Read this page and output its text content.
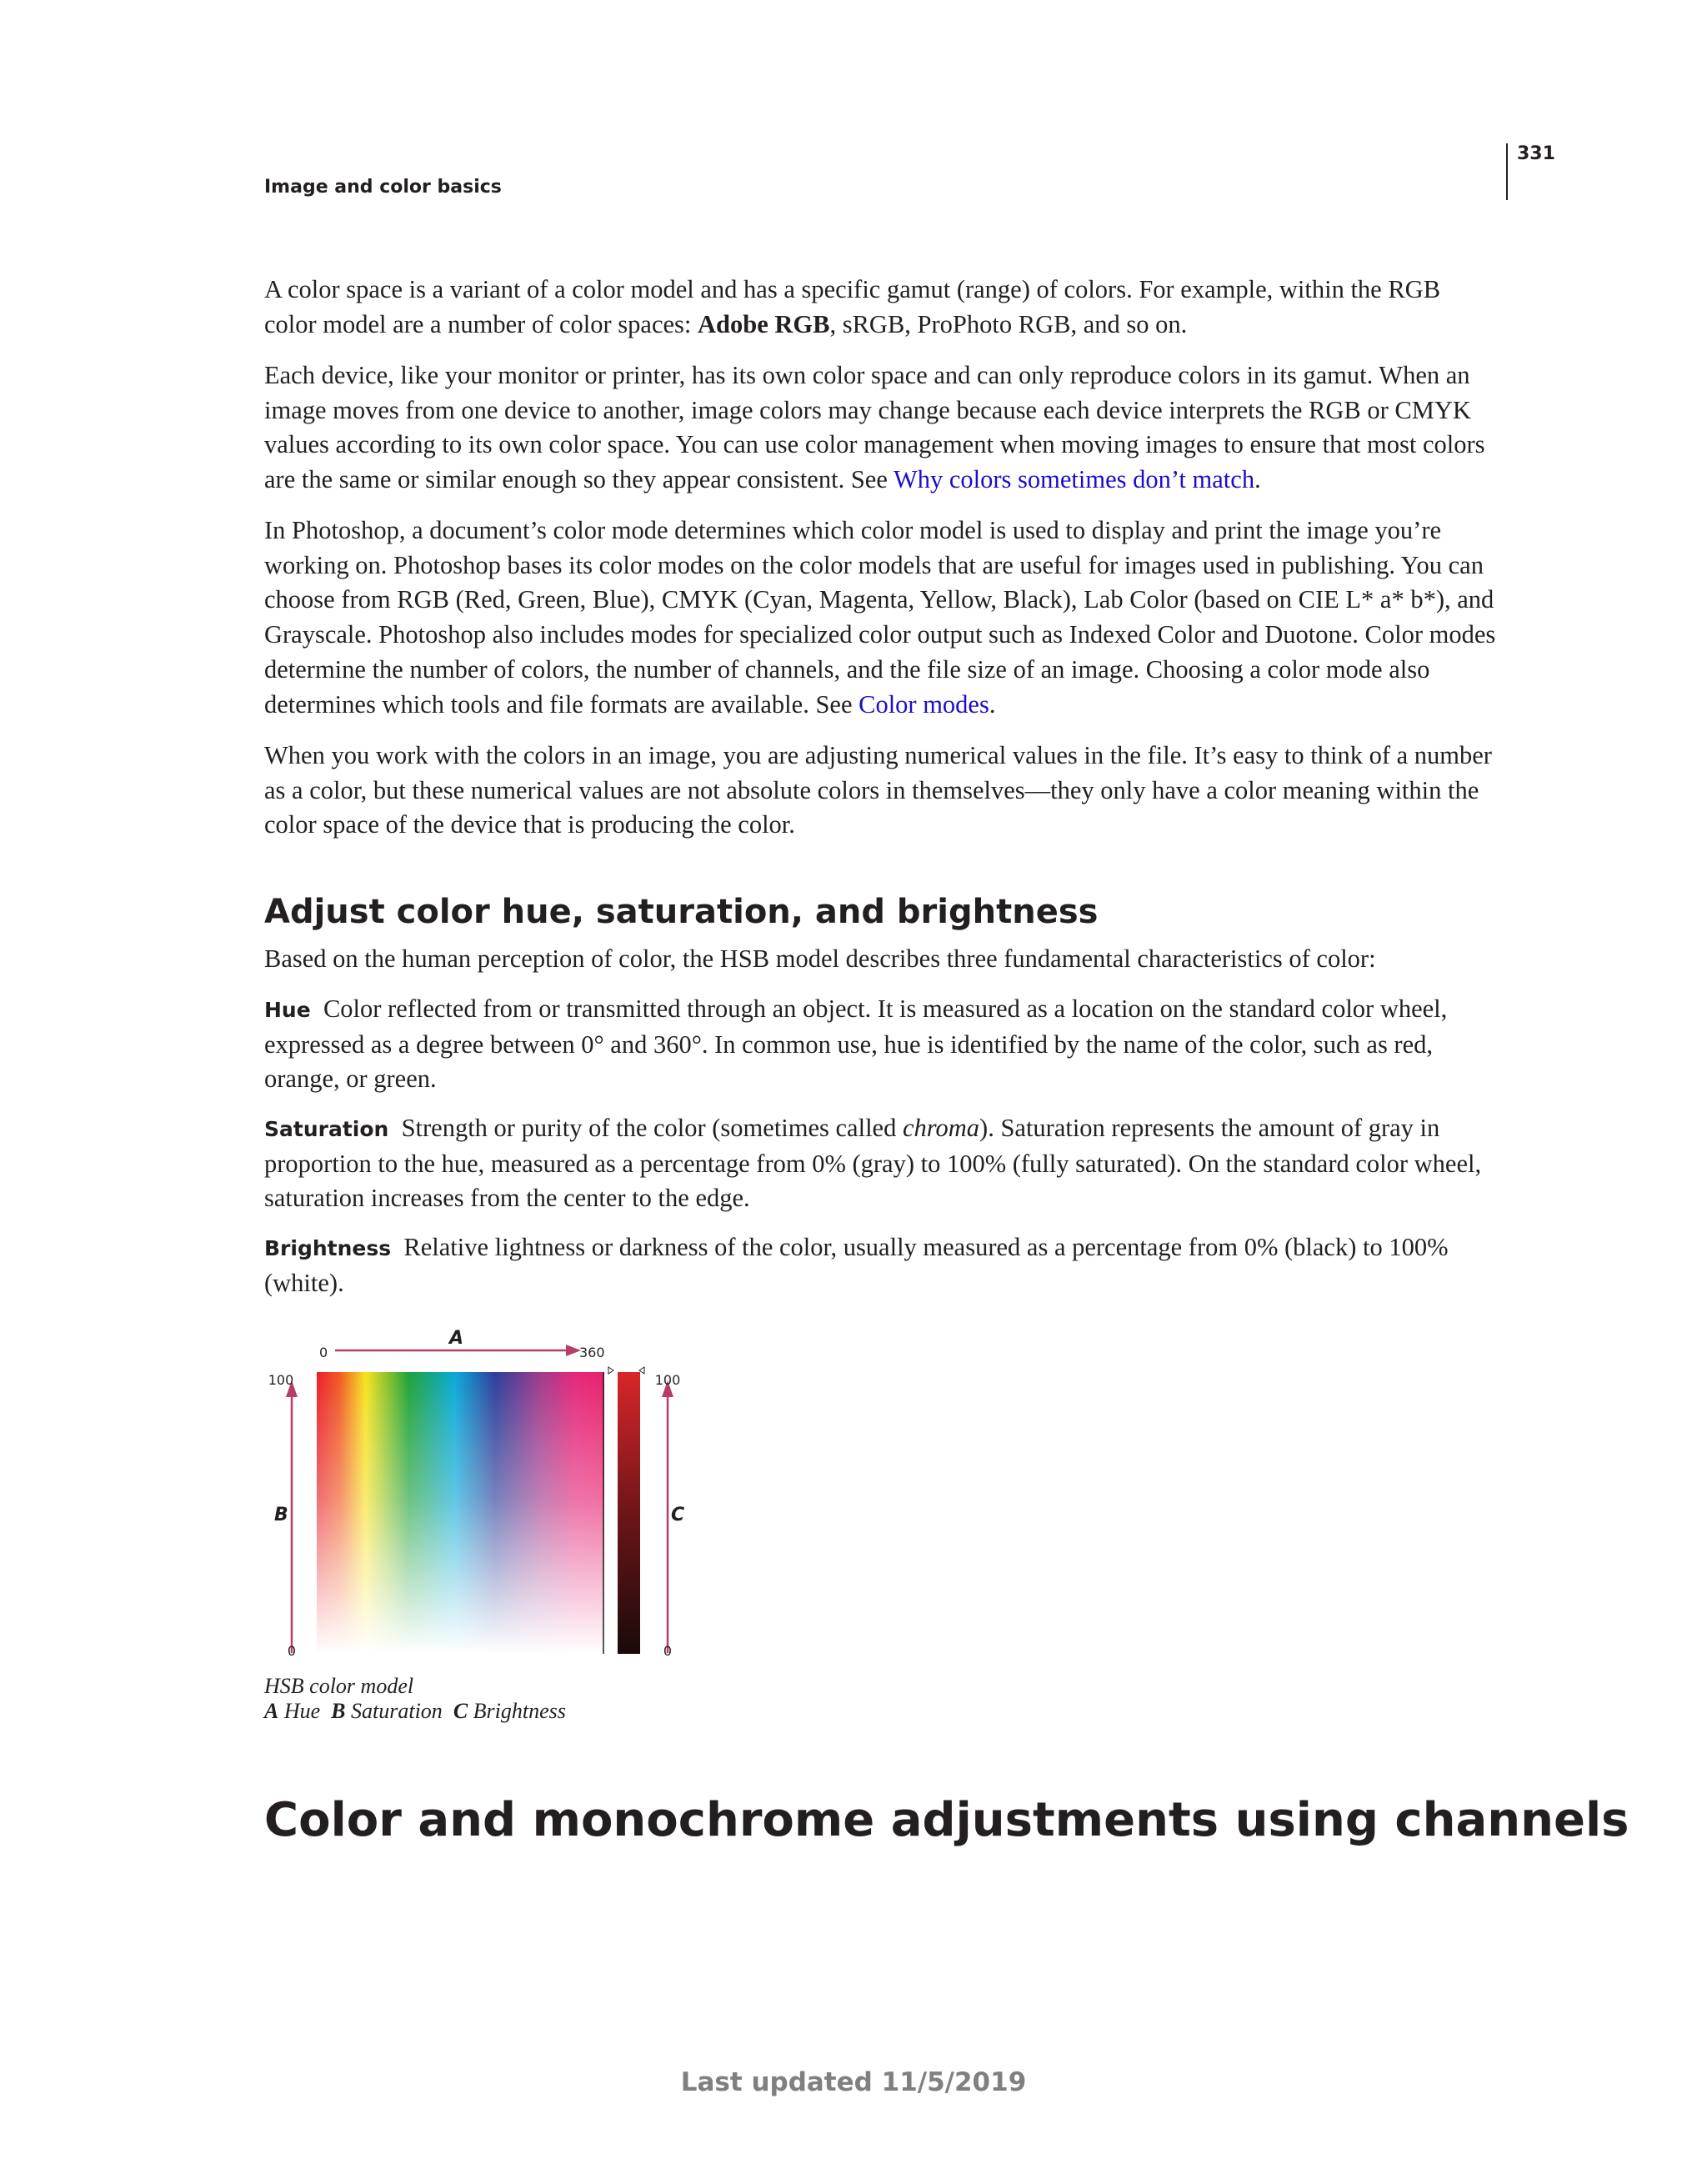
331
Image and color basics

A color space is a variant of a color model and has a specific gamut (range) of colors. For example, within the RGB color model are a number of color spaces: Adobe RGB, sRGB, ProPhoto RGB, and so on.

Each device, like your monitor or printer, has its own color space and can only reproduce colors in its gamut. When an image moves from one device to another, image colors may change because each device interprets the RGB or CMYK values according to its own color space. You can use color management when moving images to ensure that most colors are the same or similar enough so they appear consistent. See Why colors sometimes don’t match.

In Photoshop, a document’s color mode determines which color model is used to display and print the image you’re working on. Photoshop bases its color modes on the color models that are useful for images used in publishing. You can choose from RGB (Red, Green, Blue), CMYK (Cyan, Magenta, Yellow, Black), Lab Color (based on CIE L* a* b*), and Grayscale. Photoshop also includes modes for specialized color output such as Indexed Color and Duotone. Color modes determine the number of colors, the number of channels, and the file size of an image. Choosing a color mode also determines which tools and file formats are available. See Color modes.

When you work with the colors in an image, you are adjusting numerical values in the file. It’s easy to think of a number as a color, but these numerical values are not absolute colors in themselves—they only have a color meaning within the color space of the device that is producing the color.

Adjust color hue, saturation, and brightness

Based on the human perception of color, the HSB model describes three fundamental characteristics of color:

Hue Color reflected from or transmitted through an object. It is measured as a location on the standard color wheel, expressed as a degree between 0° and 360°. In common use, hue is identified by the name of the color, such as red, orange, or green.

Saturation Strength or purity of the color (sometimes called chroma). Saturation represents the amount of gray in proportion to the hue, measured as a percentage from 0% (gray) to 100% (fully saturated). On the standard color wheel, saturation increases from the center to the edge.

Brightness Relative lightness or darkness of the color, usually measured as a percentage from 0% (black) to 100% (white).

0	360
A
100
0
B
100
0
C
HSB color model
A Hue B Saturation C Brightness
Color and monochrome adjustments using channels
Last updated 11/5/2019
